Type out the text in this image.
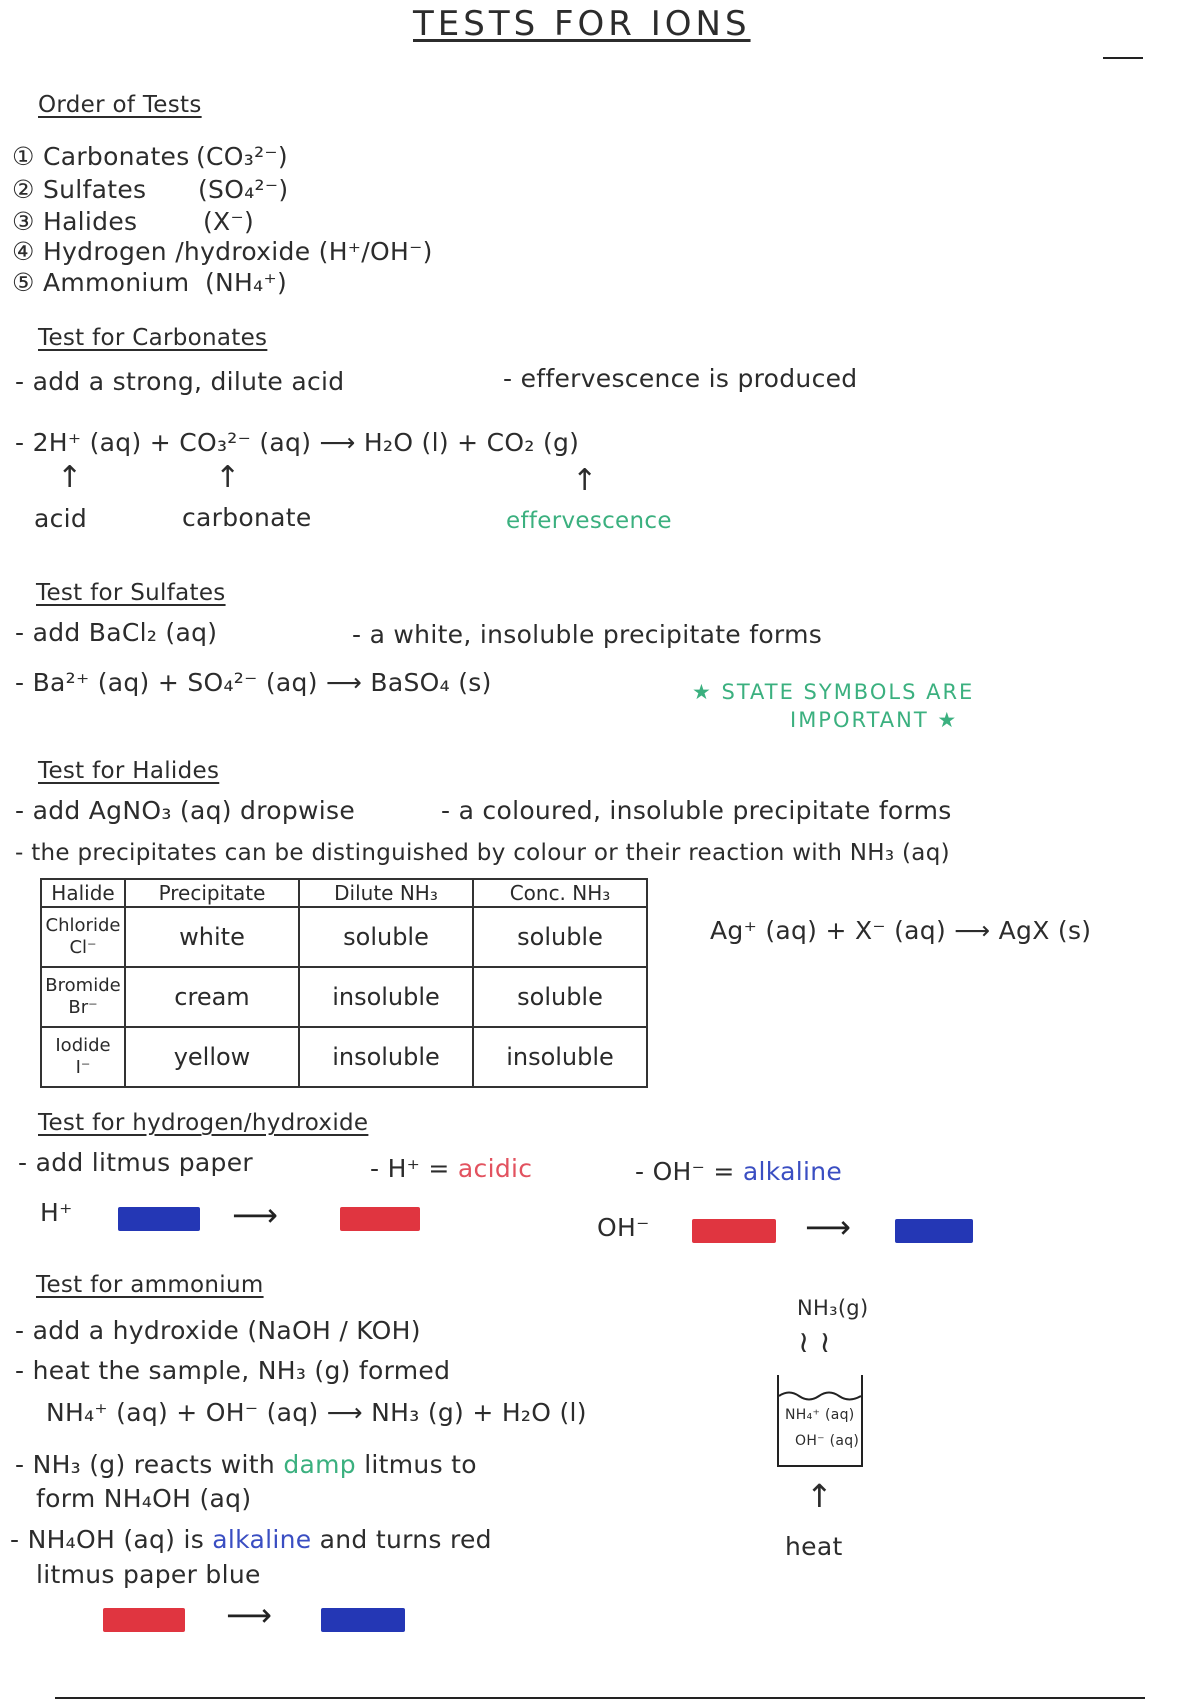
TESTS FOR IONS
Order of Tests
① Carbonates (CO₃²⁻)
② Sulfates (SO₄²⁻)
③ Halides	(X⁻)
④ Hydrogen /hydroxide (H⁺/OH⁻)
⑤ Ammonium (NH₄⁺)
Test for Carbonates
- add a strong, dilute acid	- effervescence is produced
- 2H⁺ (aq) + CO₃²⁻ (aq) ⟶ H₂O (l) + CO₂ (g)
↑	↑	↑
acid	carbonate	effervescence
Test for Sulfates
- add BaCl₂ (aq)	- a white, insoluble precipitate forms
- Ba²⁺ (aq) + SO₄²⁻ (aq) ⟶ BaSO₄ (s)	★ STATE SYMBOLS ARE
IMPORTANT ★
Test for Halides
- add AgNO₃ (aq) dropwise	- a coloured, insoluble precipitate forms
- the precipitates can be distinguished by colour or their reaction with NH₃ (aq)
Ag⁺ (aq) + X⁻ (aq) ⟶ AgX (s)
Halide	Precipitate	Dilute NH₃	Conc. NH₃

Chloride
Cl⁻	white	soluble	soluble

Bromide
Br⁻	cream	insoluble	soluble

Iodide
I⁻	yellow	insoluble	insoluble
Test for hydrogen/hydroxide
- add litmus paper	- H⁺ = acidic	- OH⁻ = alkaline
H⁺	⟶	OH⁻	⟶
Test for ammonium
- add a hydroxide (NaOH / KOH)
- heat the sample, NH₃ (g) formed
NH₄⁺ (aq) + OH⁻ (aq) ⟶ NH₃ (g) + H₂O (l)
- NH₃ (g) reacts with damp litmus to
form NH₄OH (aq)
- NH₄OH (aq) is alkaline and turns red
litmus paper blue
⟶
NH₃(g)
≀ ≀
NH₄⁺ (aq)
OH⁻ (aq)
↑
heat
